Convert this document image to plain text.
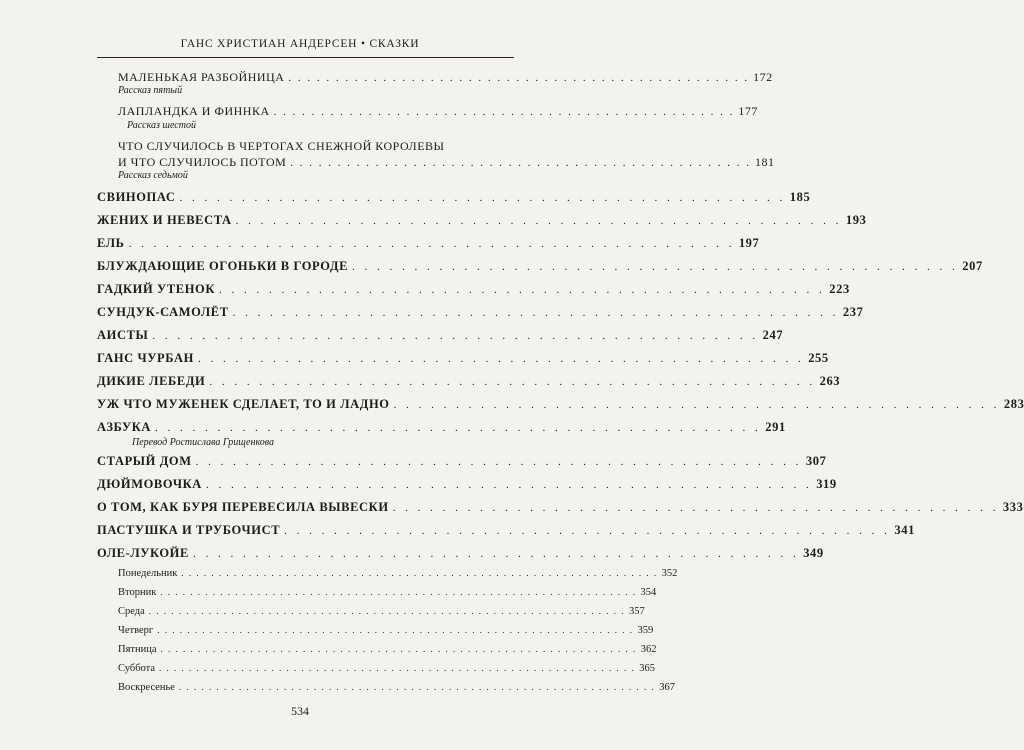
ГАНС ХРИСТИАН АНДЕРСЕН • СКАЗКИ
МАЛЕНЬКАЯ РАЗБОЙНИЦА . . . . . . . . . . . . . . . . . . . . . . . . . . . . . . . . . . . . . . . . . . . . . . . . . 172
Рассказ пятый
ЛАПЛАНДКА И ФИННКА . . . . . . . . . . . . . . . . . . . . . . . . . . . . . . . . . . . . . . . . . . . . . . . . . 177
Рассказ шестой
ЧТО СЛУЧИЛОСЬ В ЧЕРТОГАХ СНЕЖНОЙ КОРОЛЕВЫ
И ЧТО СЛУЧИЛОСЬ ПОТОМ . . . . . . . . . . . . . . . . . . . . . . . . . . . . . . . . . . . . . . . . . . . . . . . . . 181
Рассказ седьмой
СВИНОПАС . . . . . . . . . . . . . . . . . . . . . . . . . . . . . . . . . . . . . . . . . . . . . . . . . 185
ЖЕНИХ И НЕВЕСТА . . . . . . . . . . . . . . . . . . . . . . . . . . . . . . . . . . . . . . . . . . . . . . . . . 193
ЕЛЬ . . . . . . . . . . . . . . . . . . . . . . . . . . . . . . . . . . . . . . . . . . . . . . . . . 197
БЛУЖДАЮЩИЕ ОГОНЬКИ В ГОРОДЕ . . . . . . . . . . . . . . . . . . . . . . . . . . . . . . . . . . . . . . . . . . . . . . . . . 207
ГАДКИЙ УТЕНОК . . . . . . . . . . . . . . . . . . . . . . . . . . . . . . . . . . . . . . . . . . . . . . . . . 223
СУНДУК-САМОЛЁТ . . . . . . . . . . . . . . . . . . . . . . . . . . . . . . . . . . . . . . . . . . . . . . . . . 237
АИСТЫ . . . . . . . . . . . . . . . . . . . . . . . . . . . . . . . . . . . . . . . . . . . . . . . . . 247
ГАНС ЧУРБАН . . . . . . . . . . . . . . . . . . . . . . . . . . . . . . . . . . . . . . . . . . . . . . . . . 255
ДИКИЕ ЛЕБЕДИ . . . . . . . . . . . . . . . . . . . . . . . . . . . . . . . . . . . . . . . . . . . . . . . . . 263
УЖ ЧТО МУЖЕНЕК СДЕЛАЕТ, ТО И ЛАДНО . . . . . . . . . . . . . . . . . . . . . . . . . . . . . . . . . . . . . . . . . . . . . . . . . 283
АЗБУКА . . . . . . . . . . . . . . . . . . . . . . . . . . . . . . . . . . . . . . . . . . . . . . . . . 291
Перевод Ростислава Грищенкова
СТАРЫЙ ДОМ . . . . . . . . . . . . . . . . . . . . . . . . . . . . . . . . . . . . . . . . . . . . . . . . . 307
ДЮЙМОВОЧКА . . . . . . . . . . . . . . . . . . . . . . . . . . . . . . . . . . . . . . . . . . . . . . . . . 319
О ТОМ, КАК БУРЯ ПЕРЕВЕСИЛА ВЫВЕСКИ . . . . . . . . . . . . . . . . . . . . . . . . . . . . . . . . . . . . . . . . . . . . . . . . . 333
ПАСТУШКА И ТРУБОЧИСТ . . . . . . . . . . . . . . . . . . . . . . . . . . . . . . . . . . . . . . . . . . . . . . . . . 341
ОЛЕ-ЛУКОЙЕ . . . . . . . . . . . . . . . . . . . . . . . . . . . . . . . . . . . . . . . . . . . . . . . . . 349
Понедельник . . . . . . . . . . . . . . . . . . . . . . . . . . . . . . . . . . . . . . . . . . . . . . . . . . . . . . . . . . . . . . . . 352
Вторник . . . . . . . . . . . . . . . . . . . . . . . . . . . . . . . . . . . . . . . . . . . . . . . . . . . . . . . . . . . . . . . . 354
Среда . . . . . . . . . . . . . . . . . . . . . . . . . . . . . . . . . . . . . . . . . . . . . . . . . . . . . . . . . . . . . . . . 357
Четверг . . . . . . . . . . . . . . . . . . . . . . . . . . . . . . . . . . . . . . . . . . . . . . . . . . . . . . . . . . . . . . . . 359
Пятница . . . . . . . . . . . . . . . . . . . . . . . . . . . . . . . . . . . . . . . . . . . . . . . . . . . . . . . . . . . . . . . . 362
Суббота . . . . . . . . . . . . . . . . . . . . . . . . . . . . . . . . . . . . . . . . . . . . . . . . . . . . . . . . . . . . . . . . 365
Воскресенье . . . . . . . . . . . . . . . . . . . . . . . . . . . . . . . . . . . . . . . . . . . . . . . . . . . . . . . . . . . . . . . . 367
534
